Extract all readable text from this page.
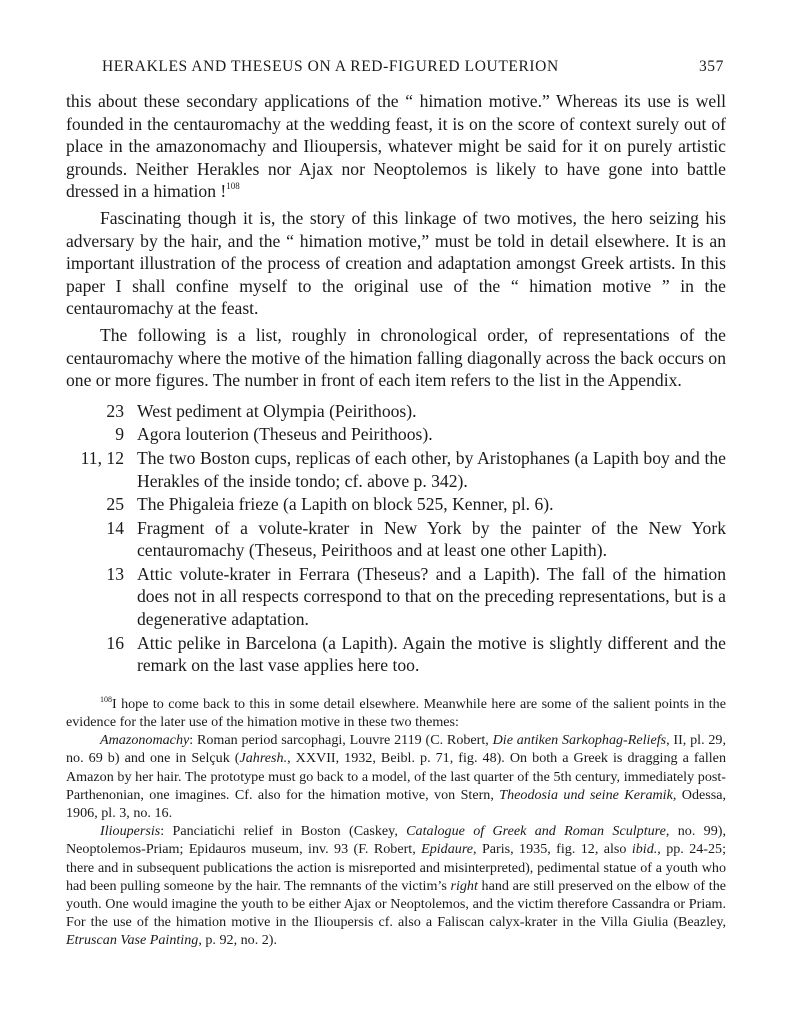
HERAKLES AND THESEUS ON A RED-FIGURED LOUTERION	357

this about these secondary applications of the “ himation motive.” Whereas its use is well founded in the centauromachy at the wedding feast, it is on the score of context surely out of place in the amazonomachy and Ilioupersis, whatever might be said for it on purely artistic grounds. Neither Herakles nor Ajax nor Neoptolemos is likely to have gone into battle dressed in a himation !$^{108}$

Fascinating though it is, the story of this linkage of two motives, the hero seizing his adversary by the hair, and the “ himation motive,” must be told in detail elsewhere. It is an important illustration of the process of creation and adaptation amongst Greek artists. In this paper I shall confine myself to the original use of the “ himation motive ” in the centauromachy at the feast.

The following is a list, roughly in chronological order, of representations of the centauromachy where the motive of the himation falling diagonally across the back occurs on one or more figures. The number in front of each item refers to the list in the Appendix.

23 West pediment at Olympia (Peirithoos).
9 Agora louterion (Theseus and Peirithoos).
11, 12 The two Boston cups, replicas of each other, by Aristophanes (a Lapith boy and the Herakles of the inside tondo; cf. above p. 342).
25 The Phigaleia frieze (a Lapith on block 525, Kenner, pl. 6).
14 Fragment of a volute-krater in New York by the painter of the New York centauromachy (Theseus, Peirithoos and at least one other Lapith).
13 Attic volute-krater in Ferrara (Theseus? and a Lapith). The fall of the himation does not in all respects correspond to that on the preceding representations, but is a degenerative adaptation.
16 Attic pelike in Barcelona (a Lapith). Again the motive is slightly different and the remark on the last vase applies here too.

$^{108}$I hope to come back to this in some detail elsewhere. Meanwhile here are some of the salient points in the evidence for the later use of the himation motive in these two themes:

Amazonomachy: Roman period sarcophagi, Louvre 2119 (C. Robert, Die antiken Sarkophag-Reliefs, II, pl. 29, no. 69 b) and one in Selçuk (Jahresh., XXVII, 1932, Beibl. p. 71, fig. 48). On both a Greek is dragging a fallen Amazon by her hair. The prototype must go back to a model, of the last quarter of the 5th century, immediately post-Parthenonian, one imagines. Cf. also for the himation motive, von Stern, Theodosia und seine Keramik, Odessa, 1906, pl. 3, no. 16.

Ilioupersis: Panciatichi relief in Boston (Caskey, Catalogue of Greek and Roman Sculpture, no. 99), Neoptolemos-Priam; Epidauros museum, inv. 93 (F. Robert, Epidaure, Paris, 1935, fig. 12, also ibid., pp. 24-25; there and in subsequent publications the action is misreported and misinterpreted), pedimental statue of a youth who had been pulling someone by the hair. The remnants of the victim’s right hand are still preserved on the elbow of the youth. One would imagine the youth to be either Ajax or Neoptolemos, and the victim therefore Cassandra or Priam. For the use of the himation motive in the Ilioupersis cf. also a Faliscan calyx-krater in the Villa Giulia (Beazley, Etruscan Vase Painting, p. 92, no. 2).
